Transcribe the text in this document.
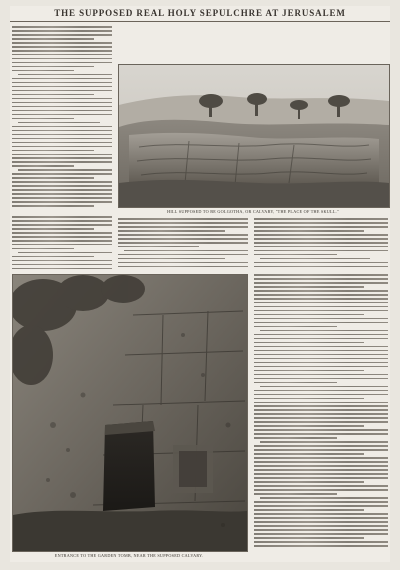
THE SUPPOSED REAL HOLY SEPULCHRE AT JERUSALEM
HILL SUPPOSED TO BE GOLGOTHA, OR CALVARY, "THE PLACE OF THE SKULL."
ENTRANCE TO THE GARDEN TOMB, NEAR THE SUPPOSED CALVARY.
